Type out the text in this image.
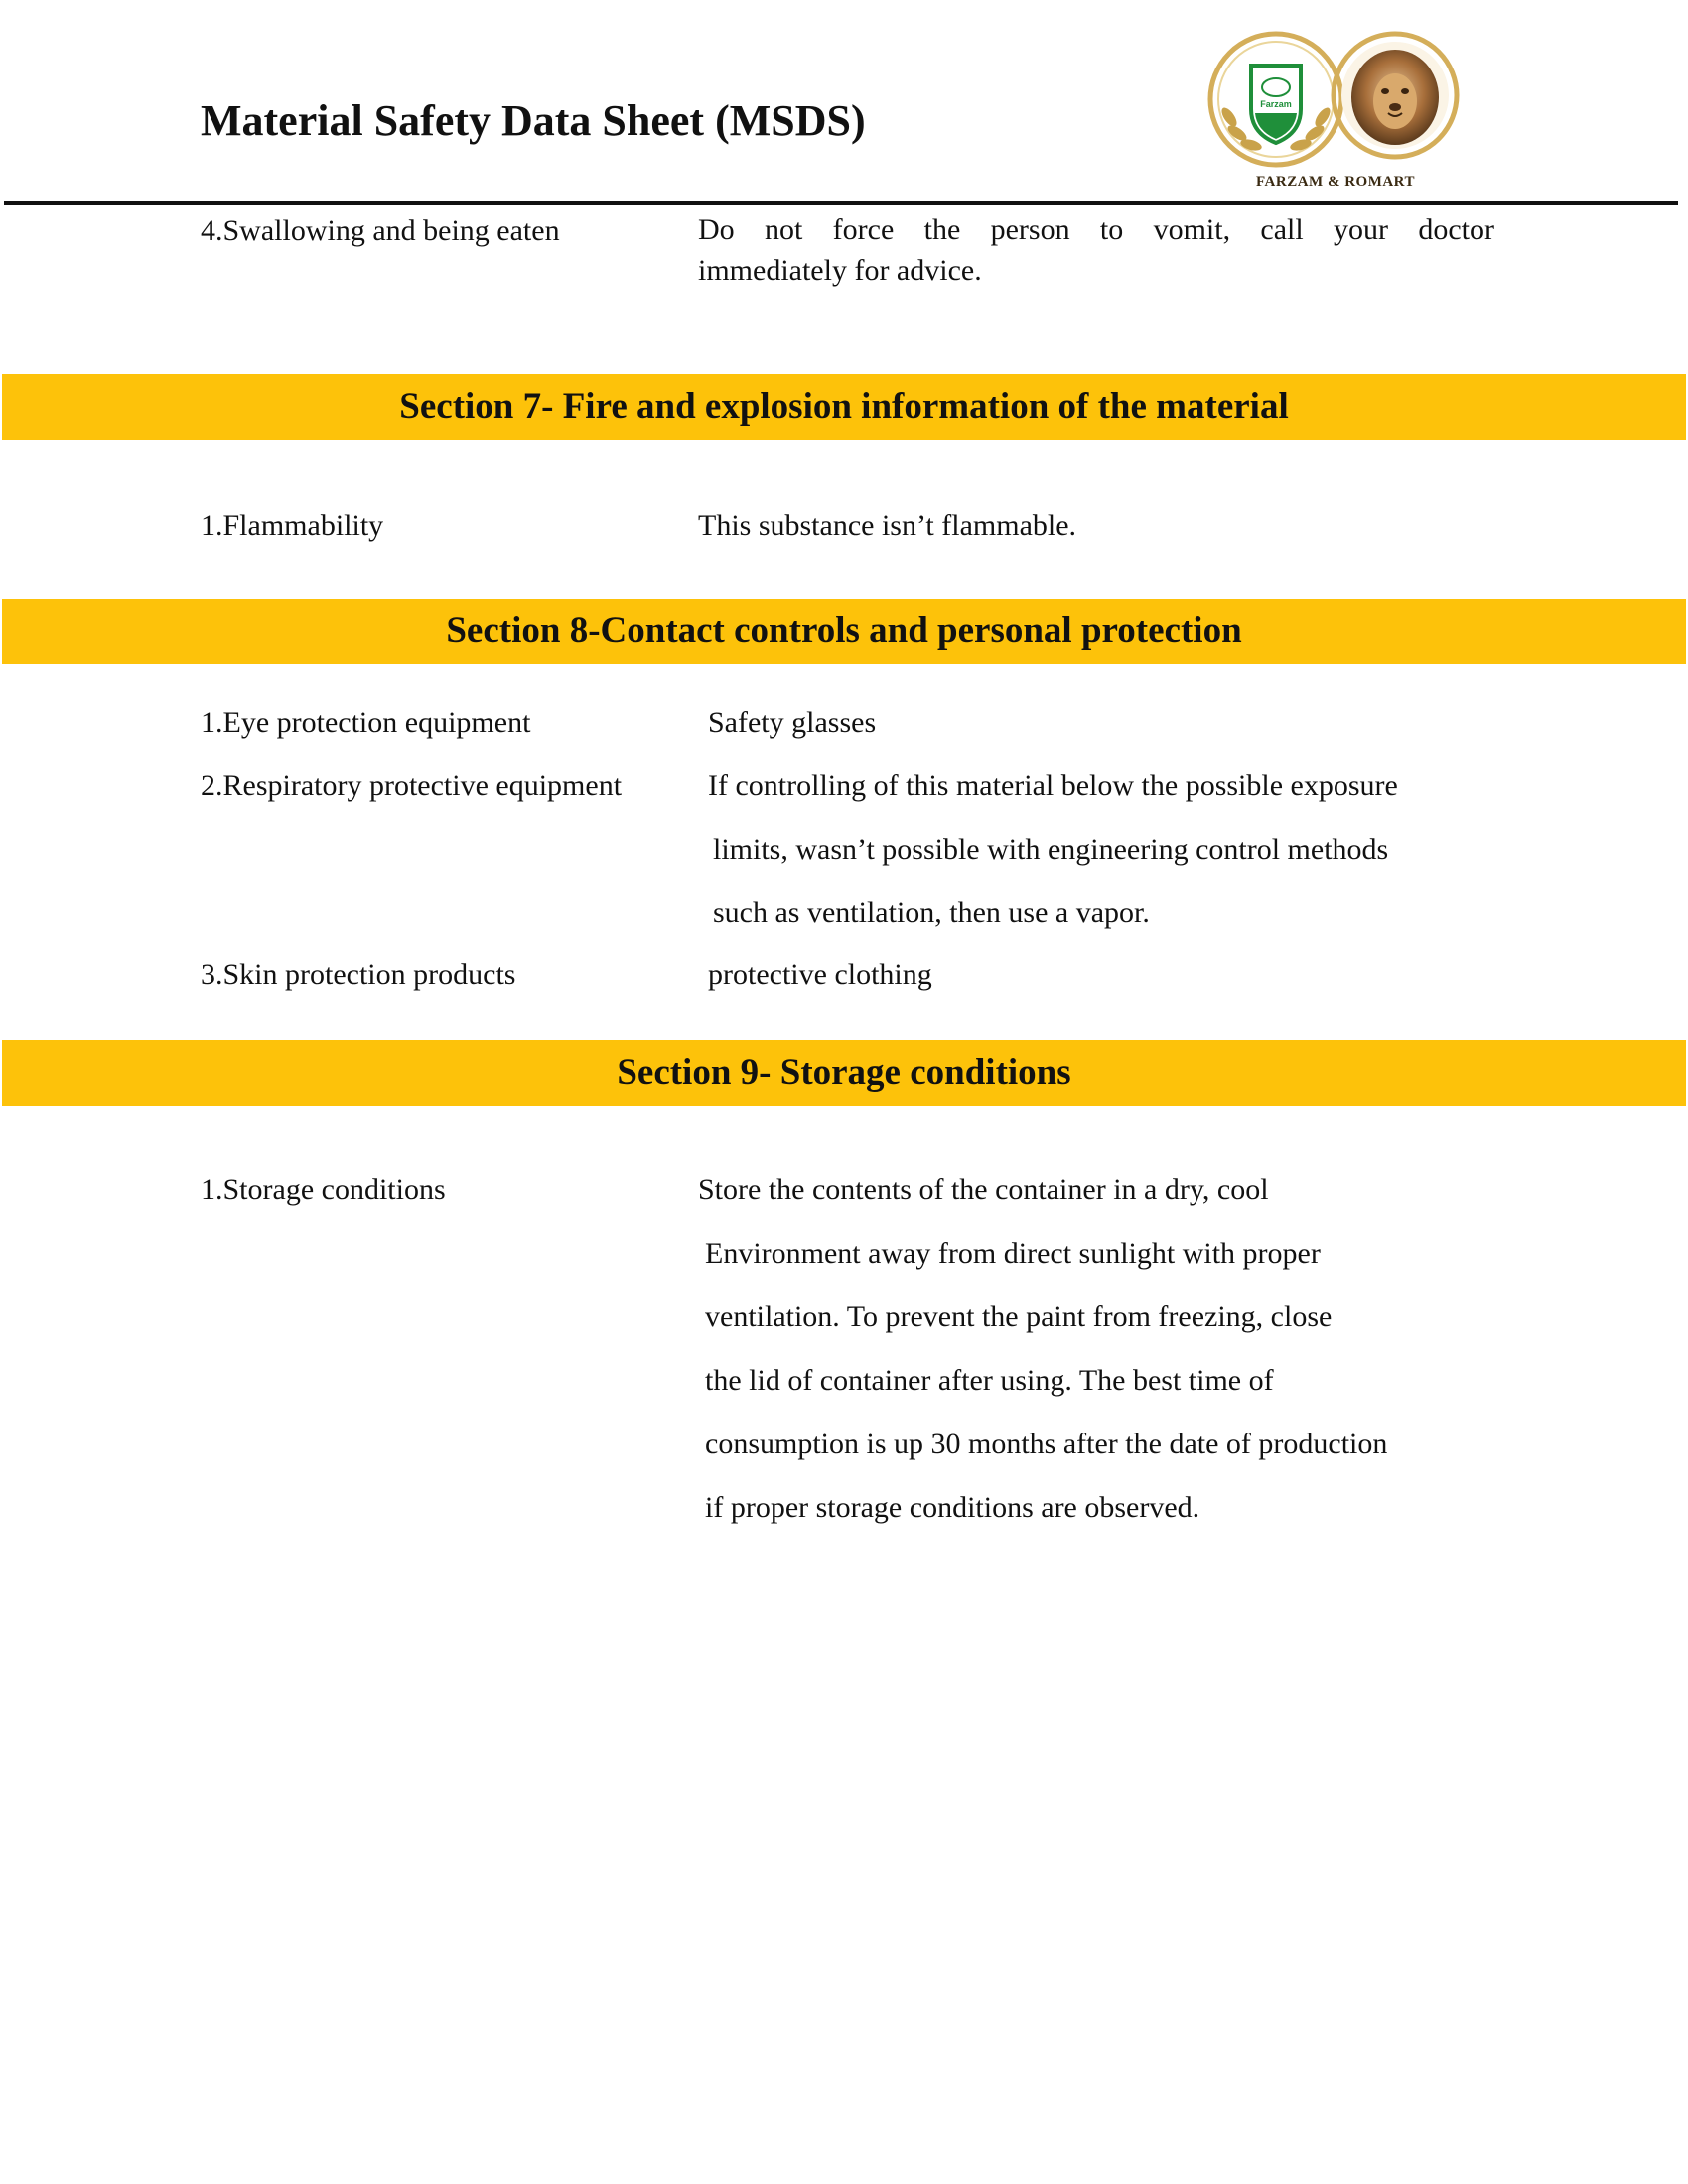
Material Safety Data Sheet (MSDS)	Farzam
FARZAM & ROMART
4.Swallowing and being eaten	Do not force the person to vomit, call your doctor
immediately for advice.
Section 7- Fire and explosion information of the material
1.Flammability	This substance isn’t flammable.
Section 8-Contact controls and personal protection
1.Eye protection equipment	Safety glasses
2.Respiratory protective equipment	If controlling of this material below the possible exposure
limits, wasn’t possible with engineering control methods
such as ventilation, then use a vapor.
3.Skin protection products	protective clothing
Section 9- Storage conditions
1.Storage conditions	Store the contents of the container in a dry, cool
Environment away from direct sunlight with proper
ventilation. To prevent the paint from freezing, close
the lid of container after using. The best time of
consumption is up 30 months after the date of production
if proper storage conditions are observed.
